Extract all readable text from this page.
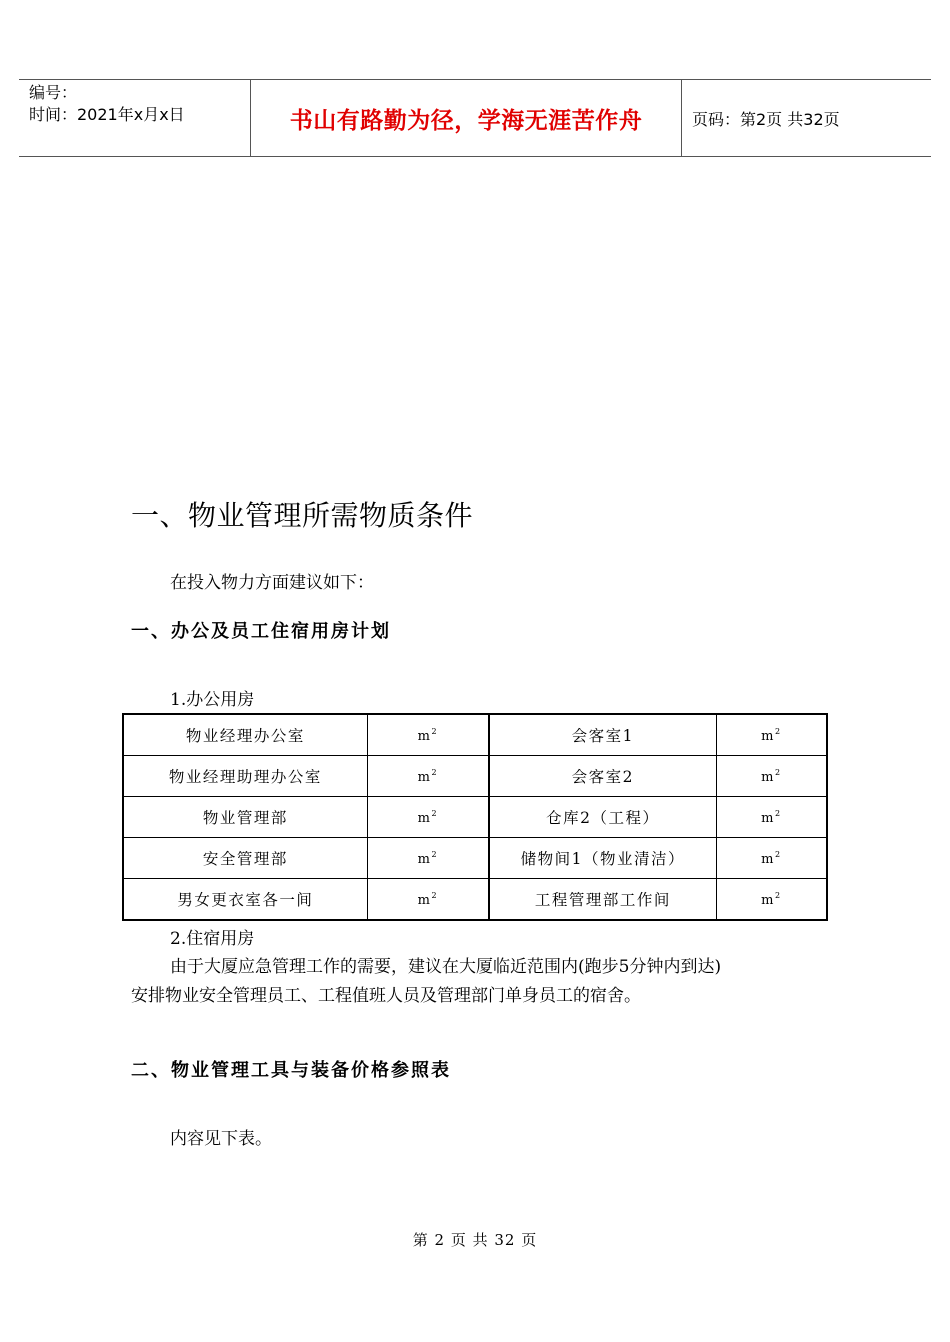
编号：
时间：2021年x月x日	书山有路勤为径，学海无涯苦作舟	页码：第2页 共32页
一、物业管理所需物质条件
在投入物力方面建议如下：
一、办公及员工住宿用房计划
1.办公用房
物业经理办公室	$m^2$	会客室1	$m^2$
物业经理助理办公室	$m^2$	会客室2	$m^2$
物业管理部	$m^2$	仓库2（工程）	$m^2$
安全管理部	$m^2$	储物间1（物业清洁）	$m^2$
男女更衣室各一间	$m^2$	工程管理部工作间	$m^2$
2.住宿用房
由于大厦应急管理工作的需要，建议在大厦临近范围内(跑步5分钟内到达)
安排物业安全管理员工、工程值班人员及管理部门单身员工的宿舍。
二、物业管理工具与装备价格参照表
内容见下表。
第 2 页 共 32 页
